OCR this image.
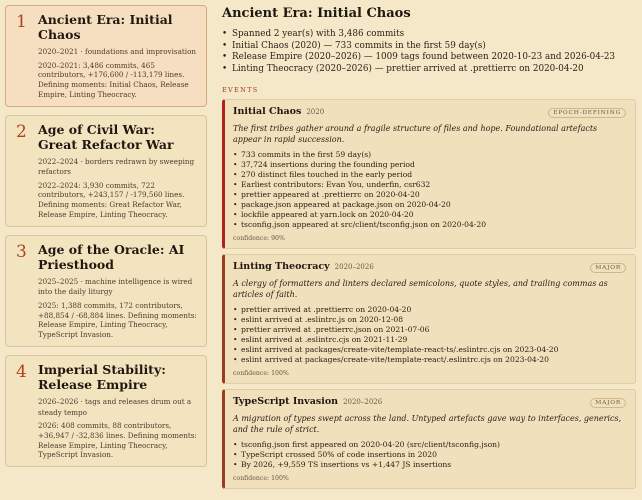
1 Ancient Era: Initial Chaos
2020–2021 · foundations and improvisation
2020–2021: 3,486 commits, 465 contributors, +176,600 / -113,179 lines. Defining moments: Initial Chaos, Release Empire, Linting Theocracy.
2 Age of Civil War: Great Refactor War
2022–2024 · borders redrawn by sweeping refactors
2022–2024: 3,930 commits, 722 contributors, +243,157 / -179,560 lines. Defining moments: Great Refactor War, Release Empire, Linting Theocracy.
3 Age of the Oracle: AI Priesthood
2025–2025 · machine intelligence is wired into the daily liturgy
2025: 1,388 commits, 172 contributors, +88,854 / -68,884 lines. Defining moments: Release Empire, Linting Theocracy, TypeScript Invasion.
4 Imperial Stability: Release Empire
2026–2026 · tags and releases drum out a steady tempo
2026: 408 commits, 88 contributors, +36,947 / -32,836 lines. Defining moments: Release Empire, Linting Theocracy, TypeScript Invasion.
Ancient Era: Initial Chaos
• Spanned 2 year(s) with 3,486 commits
• Initial Chaos (2020) — 733 commits in the first 59 day(s)
• Release Empire (2020–2026) — 1009 tags found between 2020-10-23 and 2026-04-23
• Linting Theocracy (2020–2026) — prettier arrived at .prettierrc on 2020-04-20
EVENTS
Initial Chaos 2020	EPOCH-DEFINING
The first tribes gather around a fragile structure of files and hope. Foundational artefacts appear in rapid succession.
• 733 commits in the first 59 day(s)
• 37,724 insertions during the founding period
• 270 distinct files touched in the early period
• Earliest contributors: Evan You, underfin, csr632
• prettier appeared at .prettierrc on 2020-04-20
• package.json appeared at package.json on 2020-04-20
• lockfile appeared at yarn.lock on 2020-04-20
• tsconfig.json appeared at src/client/tsconfig.json on 2020-04-20
confidence: 90%
Linting Theocracy 2020–2026	MAJOR
A clergy of formatters and linters declared semicolons, quote styles, and trailing commas as articles of faith.
• prettier arrived at .prettierrc on 2020-04-20
• eslint arrived at .eslintrc.js on 2020-12-08
• prettier arrived at .prettierrc.json on 2021-07-06
• eslint arrived at .eslintrc.cjs on 2021-11-29
• eslint arrived at packages/create-vite/template-react-ts/.eslintrc.cjs on 2023-04-20
• eslint arrived at packages/create-vite/template-react/.eslintrc.cjs on 2023-04-20
confidence: 100%
TypeScript Invasion 2020–2026	MAJOR
A migration of types swept across the land. Untyped artefacts gave way to interfaces, generics, and the rule of strict.
• tsconfig.json first appeared on 2020-04-20 (src/client/tsconfig.json)
• TypeScript crossed 50% of code insertions in 2020
• By 2026, +9,559 TS insertions vs +1,447 JS insertions
confidence: 100%
